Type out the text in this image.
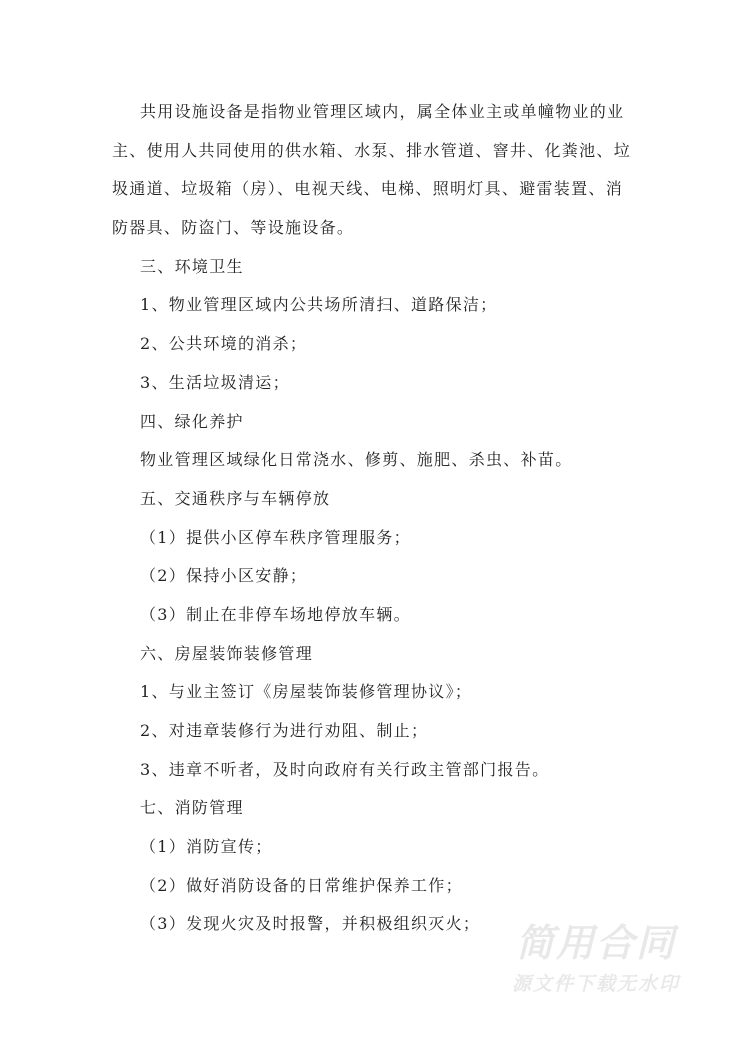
共用设施设备是指物业管理区域内，属全体业主或单幢物业的业
主、使用人共同使用的供水箱、水泵、排水管道、窨井、化粪池、垃
圾通道、垃圾箱（房）、电视天线、电梯、照明灯具、避雷装置、消
防器具、防盗门、等设施设备。
三、环境卫生
1、物业管理区域内公共场所清扫、道路保洁；
2、公共环境的消杀；
3、生活垃圾清运；
四、绿化养护
物业管理区域绿化日常浇水、修剪、施肥、杀虫、补苗。
五、交通秩序与车辆停放
（1）提供小区停车秩序管理服务；
（2）保持小区安静；
（3）制止在非停车场地停放车辆。
六、房屋装饰装修管理
1、与业主签订《房屋装饰装修管理协议》；
2、对违章装修行为进行劝阻、制止；
3、违章不听者，及时向政府有关行政主管部门报告。
七、消防管理
（1）消防宣传；
（2）做好消防设备的日常维护保养工作；
（3）发现火灾及时报警，并积极组织灭火； 简用合同
源文件下载无水印
